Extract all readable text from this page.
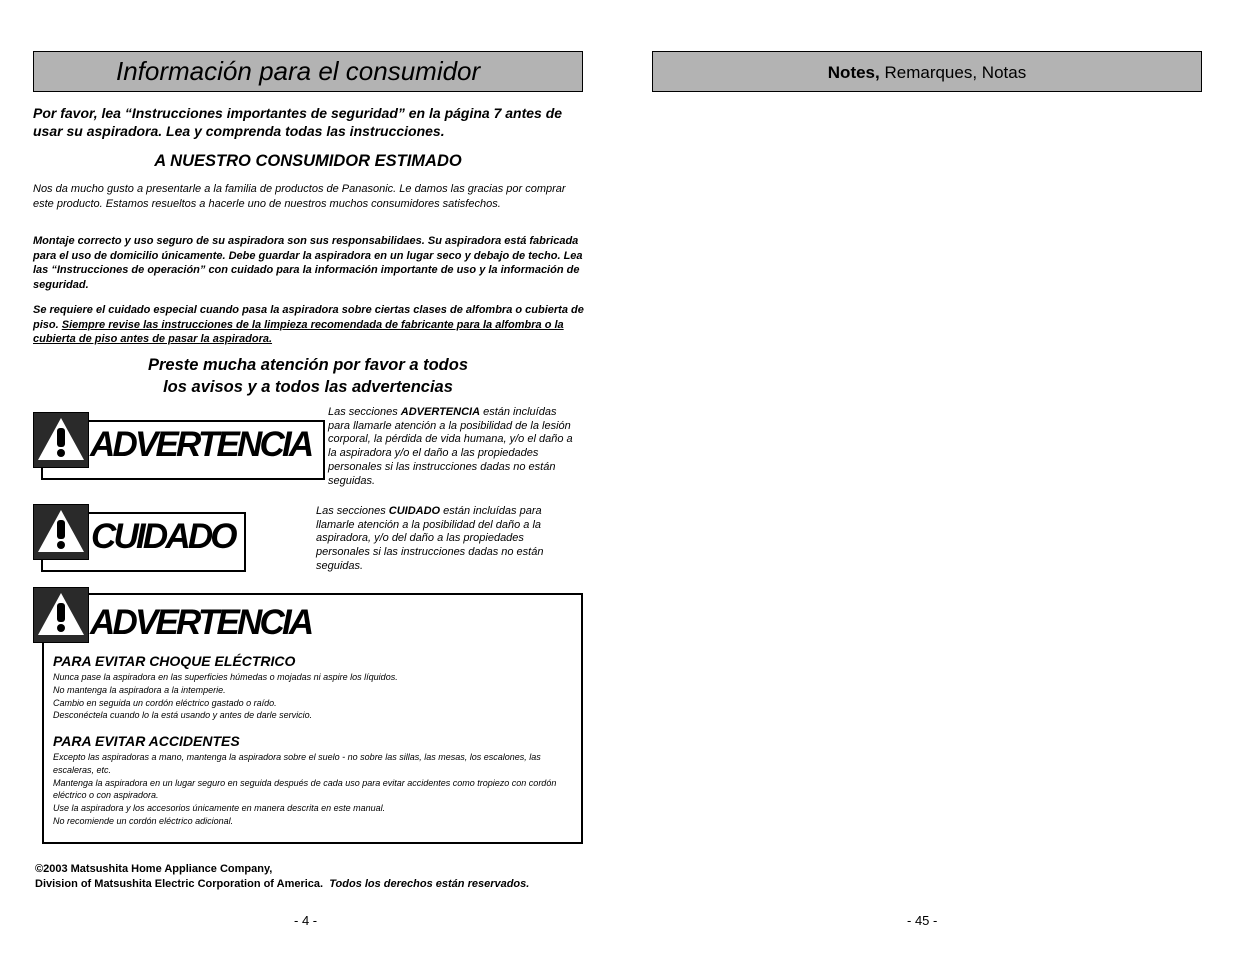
Información para el consumidor
Por favor, lea “Instrucciones importantes de seguridad” en la página 7 antes de usar su aspiradora. Lea y comprenda todas las instrucciones.
A NUESTRO CONSUMIDOR ESTIMADO
Nos da mucho gusto a presentarle a la familia de productos de Panasonic. Le damos las gracias por comprar este producto. Estamos resueltos a hacerle uno de nuestros muchos consumidores satisfechos.
Montaje correcto y uso seguro de su aspiradora son sus responsabilidaes. Su aspiradora está fabricada para el uso de domicilio únicamente. Debe guardar la aspiradora en un lugar seco y debajo de techo. Lea las “Instrucciones de operación” con cuidado para la información importante de uso y la información de seguridad.
Se requiere el cuidado especial cuando pasa la aspiradora sobre ciertas clases de alfombra o cubierta de piso. Siempre revise las instrucciones de la limpieza recomendada de fabricante para la alfombra o la cubierta de piso antes de pasar la aspiradora.
Preste mucha atención por favor a todos
los avisos y a todos las advertencias
ADVERTENCIA
Las secciones ADVERTENCIA están incluídas para llamarle atención a la posibilidad de la lesión corporal, la pérdida de vida humana, y/o el daño a la aspiradora y/o el daño a las propiedades personales si las instrucciones dadas no están seguidas.
CUIDADO
Las secciones CUIDADO están incluídas para llamarle atención a la posibilidad del daño a la aspiradora, y/o del daño a las propiedades personales si las instrucciones dadas no están seguidas.
ADVERTENCIA
PARA EVITAR CHOQUE ELÉCTRICO
Nunca pase la aspiradora en las superficies húmedas o mojadas ni aspire los líquidos.
No mantenga la aspiradora a la intemperie.
Cambio en seguida un cordón eléctrico gastado o raído.
Desconéctela cuando lo la está usando y antes de darle servicio.
PARA EVITAR ACCIDENTES
Excepto las aspiradoras a mano, mantenga la aspiradora sobre el suelo - no sobre las sillas, las mesas, los escalones, las escaleras, etc.
Mantenga la aspiradora en un lugar seguro en seguida después de cada uso para evitar accidentes como tropiezo con cordón eléctrico o con aspiradora.
Use la aspiradora y los accesorios únicamente en manera descrita en este manual.
No recomiende un cordón eléctrico adicional.
©2003 Matsushita Home Appliance Company,
Division of Matsushita Electric Corporation of America. Todos los derechos están reservados.
- 4 -
Notes, Remarques, Notas
- 45 -
